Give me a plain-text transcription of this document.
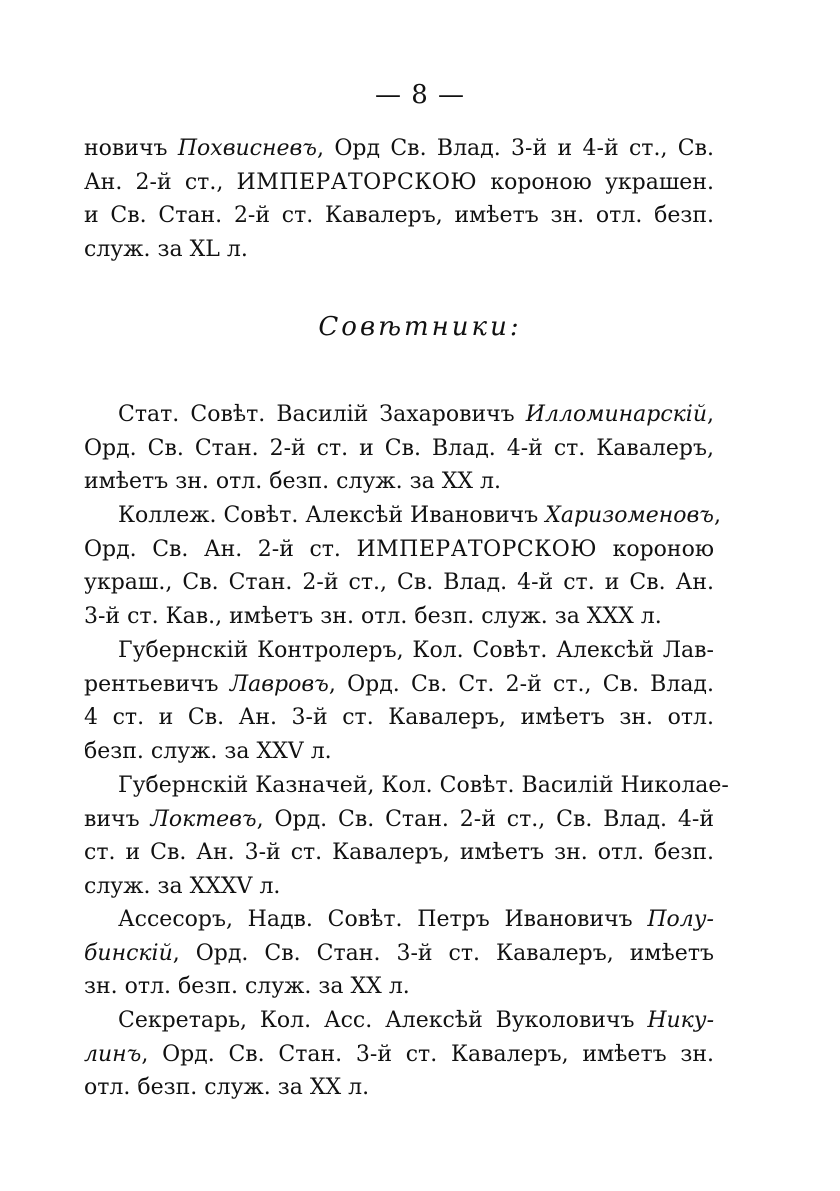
— 8 —
новичъ Похвисневъ, Орд Св. Влад. 3-й и 4-й ст., Св.
Ан. 2-й ст., ИМПЕРАТОРСКОЮ короною украшен.
и Св. Стан. 2-й ст. Кавалеръ, имѣетъ зн. отл. безп.
служ. за XL л.
Совѣтники:
Стат. Совѣт. Василій Захаровичъ Илломинарскій,
Орд. Св. Стан. 2-й ст. и Св. Влад. 4-й ст. Кавалеръ,
имѣетъ зн. отл. безп. служ. за XX л.
Коллеж. Совѣт. Алексѣй Ивановичъ Харизоменовъ,
Орд. Св. Ан. 2-й ст. ИМПЕРАТОРСКОЮ короною
украш., Св. Стан. 2-й ст., Св. Влад. 4-й ст. и Св. Ан.
3-й ст. Кав., имѣетъ зн. отл. безп. служ. за XXX л.
Губернскій Контролеръ, Кол. Совѣт. Алексѣй Лав-
рентьевичъ Лавровъ, Орд. Св. Ст. 2-й ст., Св. Влад.
4 ст. и Св. Ан. 3-й ст. Кавалеръ, имѣетъ зн. отл.
безп. служ. за XXV л.
Губернскій Казначей, Кол. Совѣт. Василій Николае-
вичъ Локтевъ, Орд. Св. Стан. 2-й ст., Св. Влад. 4-й
ст. и Св. Ан. 3-й ст. Кавалеръ, имѣетъ зн. отл. безп.
служ. за XXXV л.
Ассесоръ, Надв. Совѣт. Петръ Ивановичъ Полу-
бинскій, Орд. Св. Стан. 3-й ст. Кавалеръ, имѣетъ
зн. отл. безп. служ. за XX л.
Секретарь, Кол. Асс. Алексѣй Вуколовичъ Нику-
линъ, Орд. Св. Стан. 3-й ст. Кавалеръ, имѣетъ зн.
отл. безп. служ. за XX л.
